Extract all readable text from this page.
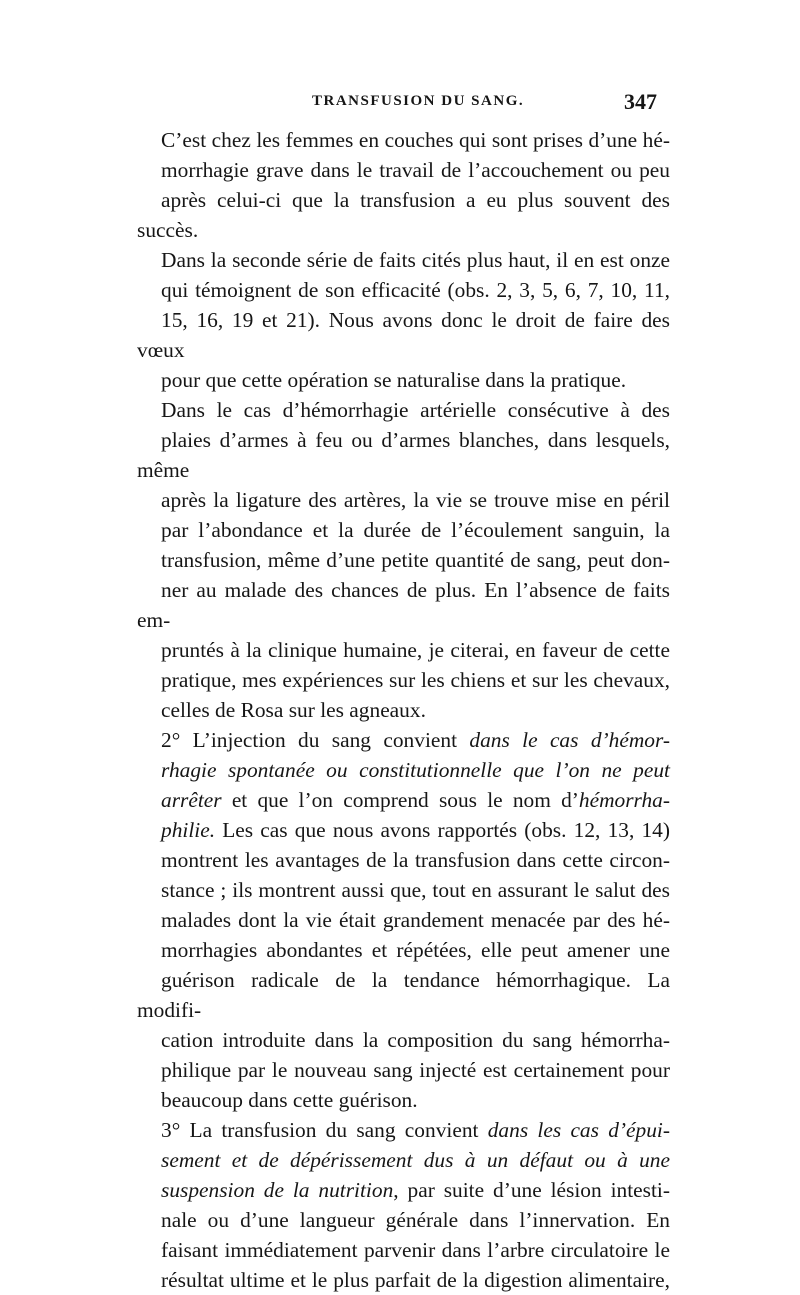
TRANSFUSION DU SANG.	347

C’est chez les femmes en couches qui sont prises d’une hé-
morrhagie grave dans le travail de l’accouchement ou peu
après celui-ci que la transfusion a eu plus souvent des succès.
Dans la seconde série de faits cités plus haut, il en est onze
qui témoignent de son efficacité (obs. 2, 3, 5, 6, 7, 10, 11,
15, 16, 19 et 21). Nous avons donc le droit de faire des vœux
pour que cette opération se naturalise dans la pratique.

Dans le cas d’hémorrhagie artérielle consécutive à des
plaies d’armes à feu ou d’armes blanches, dans lesquels, même
après la ligature des artères, la vie se trouve mise en péril
par l’abondance et la durée de l’écoulement sanguin, la
transfusion, même d’une petite quantité de sang, peut don-
ner au malade des chances de plus. En l’absence de faits em-
pruntés à la clinique humaine, je citerai, en faveur de cette
pratique, mes expériences sur les chiens et sur les chevaux,
celles de Rosa sur les agneaux.

2° L’injection du sang convient dans le cas d’hémor-
rhagie spontanée ou constitutionnelle que l’on ne peut
arrêter et que l’on comprend sous le nom d’hémorrha-
philie. Les cas que nous avons rapportés (obs. 12, 13, 14)
montrent les avantages de la transfusion dans cette circon-
stance ; ils montrent aussi que, tout en assurant le salut des
malades dont la vie était grandement menacée par des hé-
morrhagies abondantes et répétées, elle peut amener une
guérison radicale de la tendance hémorrhagique. La modifi-
cation introduite dans la composition du sang hémorrha-
philique par le nouveau sang injecté est certainement pour
beaucoup dans cette guérison.

3° La transfusion du sang convient dans les cas d’épui-
sement et de dépérissement dus à un défaut ou à une
suspension de la nutrition, par suite d’une lésion intesti-
nale ou d’une langueur générale dans l’innervation. En
faisant immédiatement parvenir dans l’arbre circulatoire le
résultat ultime et le plus parfait de la digestion alimentaire,
